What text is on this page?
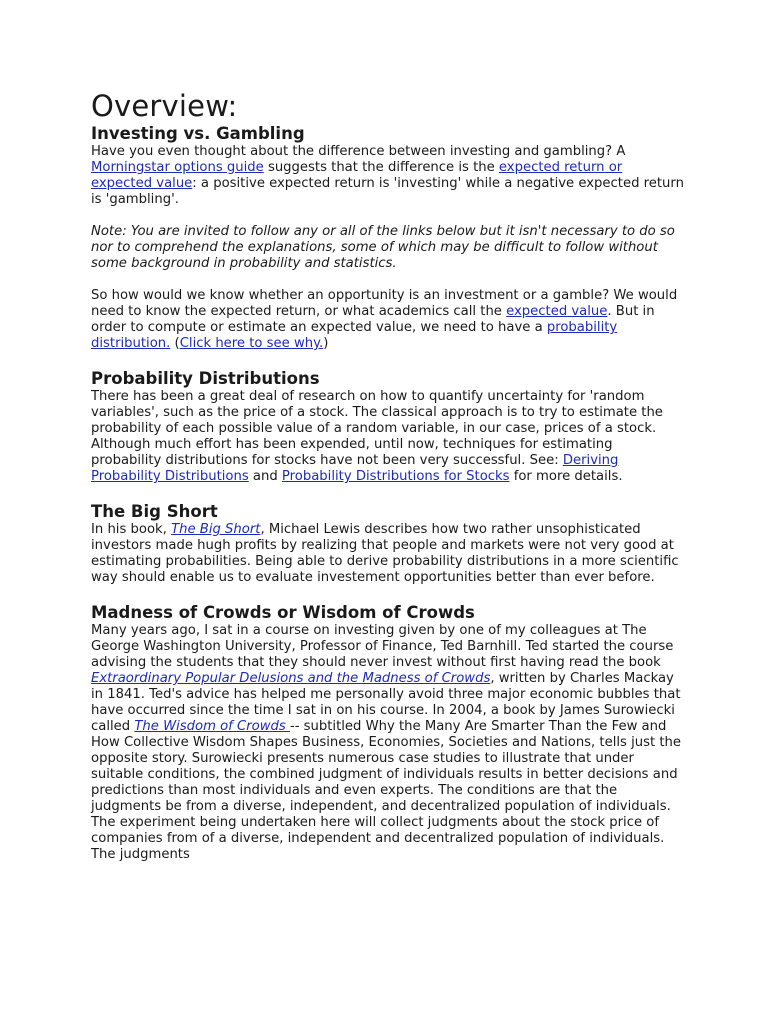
Overview:
Investing vs. Gambling

Have you even thought about the difference between investing and gambling? A Morningstar options guide suggests that the difference is the expected return or expected value: a positive expected return is 'investing' while a negative expected return is 'gambling'.

Note: You are invited to follow any or all of the links below but it isn't necessary to do so nor to comprehend the explanations, some of which may be difficult to follow without some background in probability and statistics.

So how would we know whether an opportunity is an investment or a gamble? We would need to know the expected return, or what academics call the expected value. But in order to compute or estimate an expected value, we need to have a probability distribution. (Click here to see why.)

Probability Distributions

There has been a great deal of research on how to quantify uncertainty for 'random variables', such as the price of a stock. The classical approach is to try to estimate the probability of each possible value of a random variable, in our case, prices of a stock. Although much effort has been expended, until now, techniques for estimating probability distributions for stocks have not been very successful. See: Deriving Probability Distributions and Probability Distributions for Stocks for more details.

The Big Short

In his book, The Big Short, Michael Lewis describes how two rather unsophisticated investors made hugh profits by realizing that people and markets were not very good at estimating probabilities. Being able to derive probability distributions in a more scientific way should enable us to evaluate investement opportunities better than ever before.

Madness of Crowds or Wisdom of Crowds

Many years ago, I sat in a course on investing given by one of my colleagues at The George Washington University, Professor of Finance, Ted Barnhill. Ted started the course advising the students that they should never invest without first having read the book Extraordinary Popular Delusions and the Madness of Crowds, written by Charles Mackay in 1841. Ted's advice has helped me personally avoid three major economic bubbles that have occurred since the time I sat in on his course. In 2004, a book by James Surowiecki called The Wisdom of Crowds -- subtitled Why the Many Are Smarter Than the Few and How Collective Wisdom Shapes Business, Economies, Societies and Nations, tells just the opposite story. Surowiecki presents numerous case studies to illustrate that under suitable conditions, the combined judgment of individuals results in better decisions and predictions than most individuals and even experts. The conditions are that the judgments be from a diverse, independent, and decentralized population of individuals. The experiment being undertaken here will collect judgments about the stock price of companies from of a diverse, independent and decentralized population of individuals. The judgments
